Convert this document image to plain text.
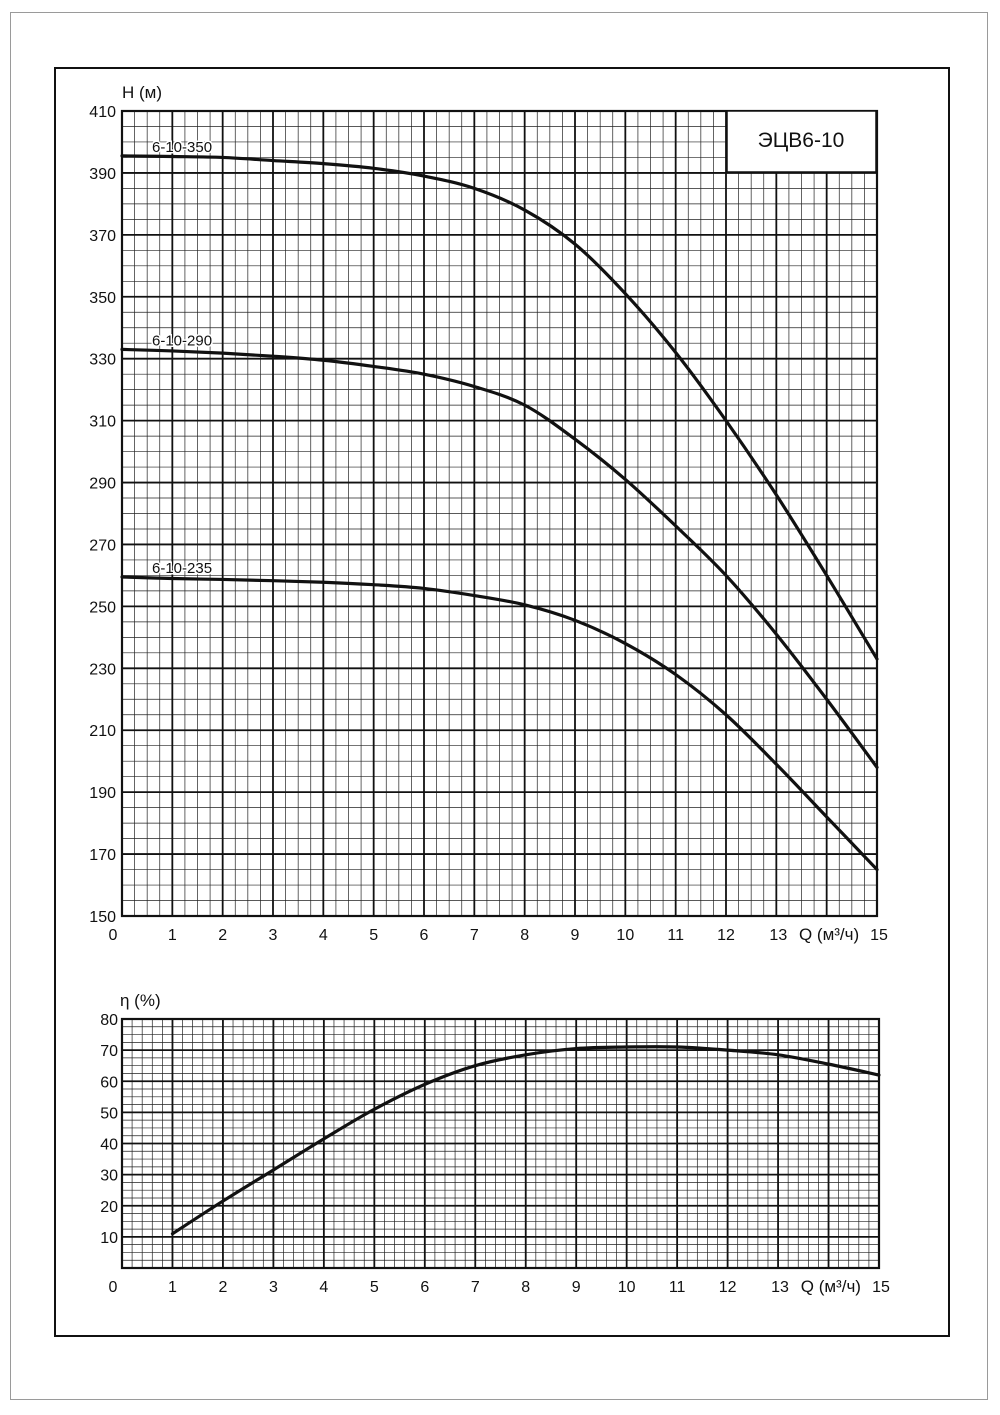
ЭЦВ6-10
150
170
190
210
230
250
270
290
310
330
350
370
390
410
0	1	2	3	4	5	6	7	8	9 10 11 12 13	15
Q (м³/ч)
H (м)
6-10-350
6-10-290
6-10-235
10
20
30
40
50
60
70
80
0	1	2	3	4	5	6	7	8	9 10 11 12 13	15
Q (м³/ч)
η (%)
